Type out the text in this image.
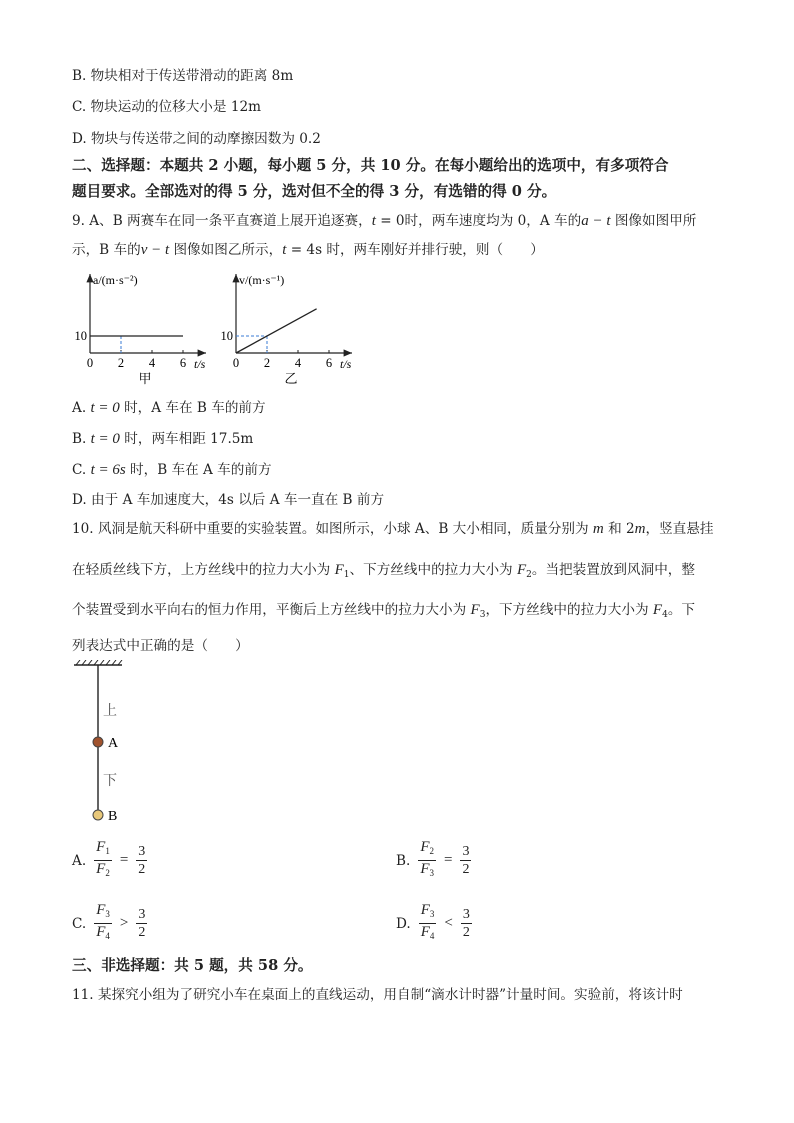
B. 物块相对于传送带滑动的距离 8m
C. 物块运动的位移大小是 12m
D. 物块与传送带之间的动摩擦因数为 0.2
二、选择题：本题共 2 小题，每小题 5 分，共 10 分。在每小题给出的选项中，有多项符合
题目要求。全部选对的得 5 分，选对但不全的得 3 分，有选错的得 0 分。
9. A、B 两赛车在同一条平直赛道上展开追逐赛，t = 0时，两车速度均为 0，A 车的a − t 图像如图甲所
示，B 车的v − t 图像如图乙所示，t = 4s 时，两车刚好并排行驶，则（　　）
0 2 4 6
10
a/(m·s⁻²)
t/s
甲
0 2 4 6
10
v/(m·s⁻¹)
t/s
乙
A. t = 0 时，A 车在 B 车的前方
B. t = 0 时，两车相距 17.5m
C. t = 6s 时，B 车在 A 车的前方
D. 由于 A 车加速度大，4s 以后 A 车一直在 B 前方
10. 风洞是航天科研中重要的实验装置。如图所示，小球 A、B 大小相同，质量分别为 m 和 2m，竖直悬挂
在轻质丝线下方，上方丝线中的拉力大小为 $F_1$、下方丝线中的拉力大小为 $F_2$。当把装置放到风洞中，整
个装置受到水平向右的恒力作用，平衡后上方丝线中的拉力大小为 $F_3$，下方丝线中的拉力大小为 $F_4$。下
列表达式中正确的是（　　）
上
A
下
B
A. $\frac{F_1}{F_2} = \frac{3}{2}$	B. $\frac{F_2}{F_3} = \frac{3}{2}$
C. $\frac{F_3}{F_4} > \frac{3}{2}$	D. $\frac{F_3}{F_4} < \frac{3}{2}$
三、非选择题：共 5 题，共 58 分。
11. 某探究小组为了研究小车在桌面上的直线运动，用自制“滴水计时器”计量时间。实验前，将该计时
